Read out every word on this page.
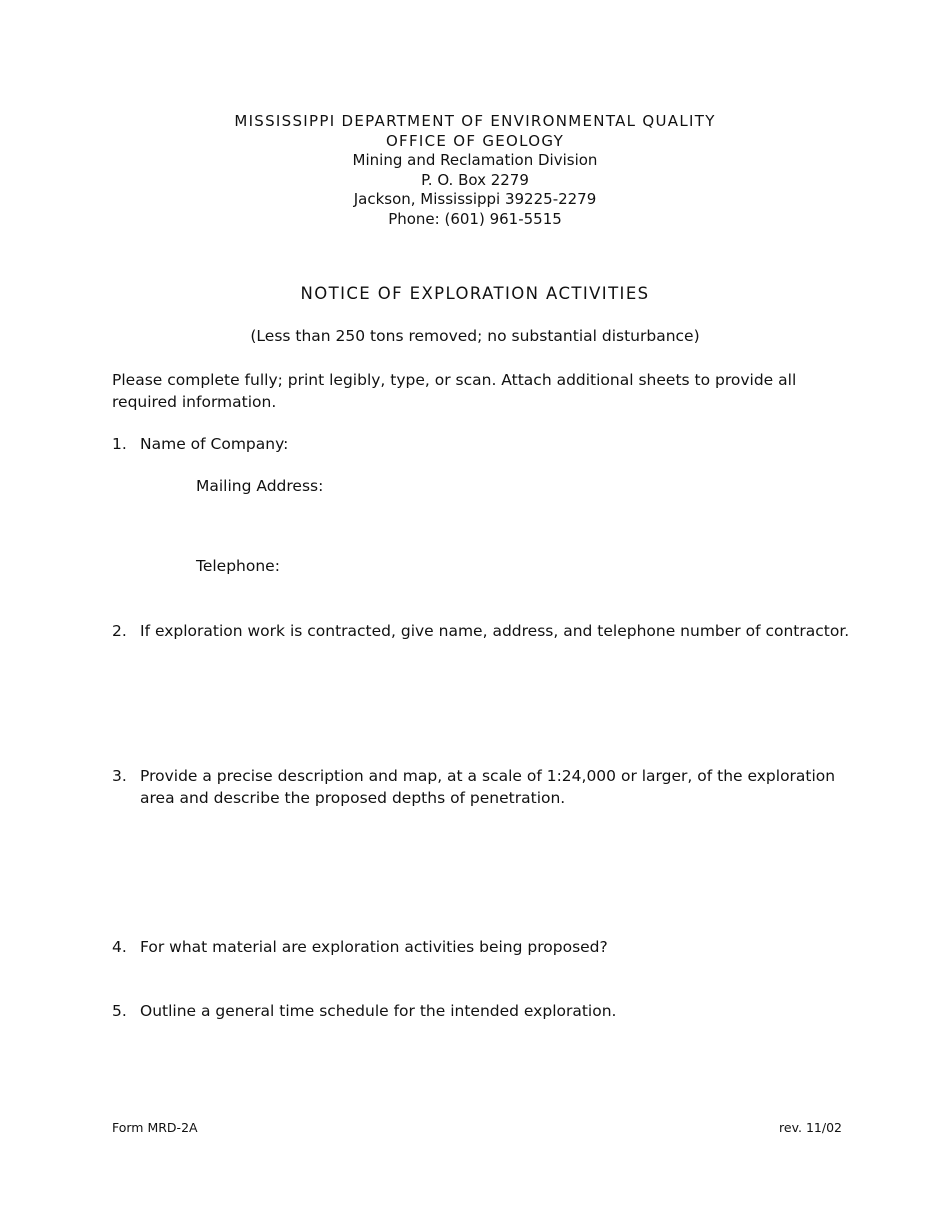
MISSISSIPPI DEPARTMENT OF ENVIRONMENTAL QUALITY
OFFICE OF GEOLOGY
Mining and Reclamation Division
P. O. Box 2279
Jackson, Mississippi 39225-2279
Phone: (601) 961-5515
NOTICE OF EXPLORATION ACTIVITIES
(Less than 250 tons removed; no substantial disturbance)
Please complete fully; print legibly, type, or scan. Attach additional sheets to provide all required information.
1. Name of Company:
Mailing Address:
Telephone:
2. If exploration work is contracted, give name, address, and telephone number of contractor.
3. Provide a precise description and map, at a scale of 1:24,000 or larger, of the exploration area and describe the proposed depths of penetration.
4. For what material are exploration activities being proposed?
5. Outline a general time schedule for the intended exploration.
Form MRD-2A	rev. 11/02
